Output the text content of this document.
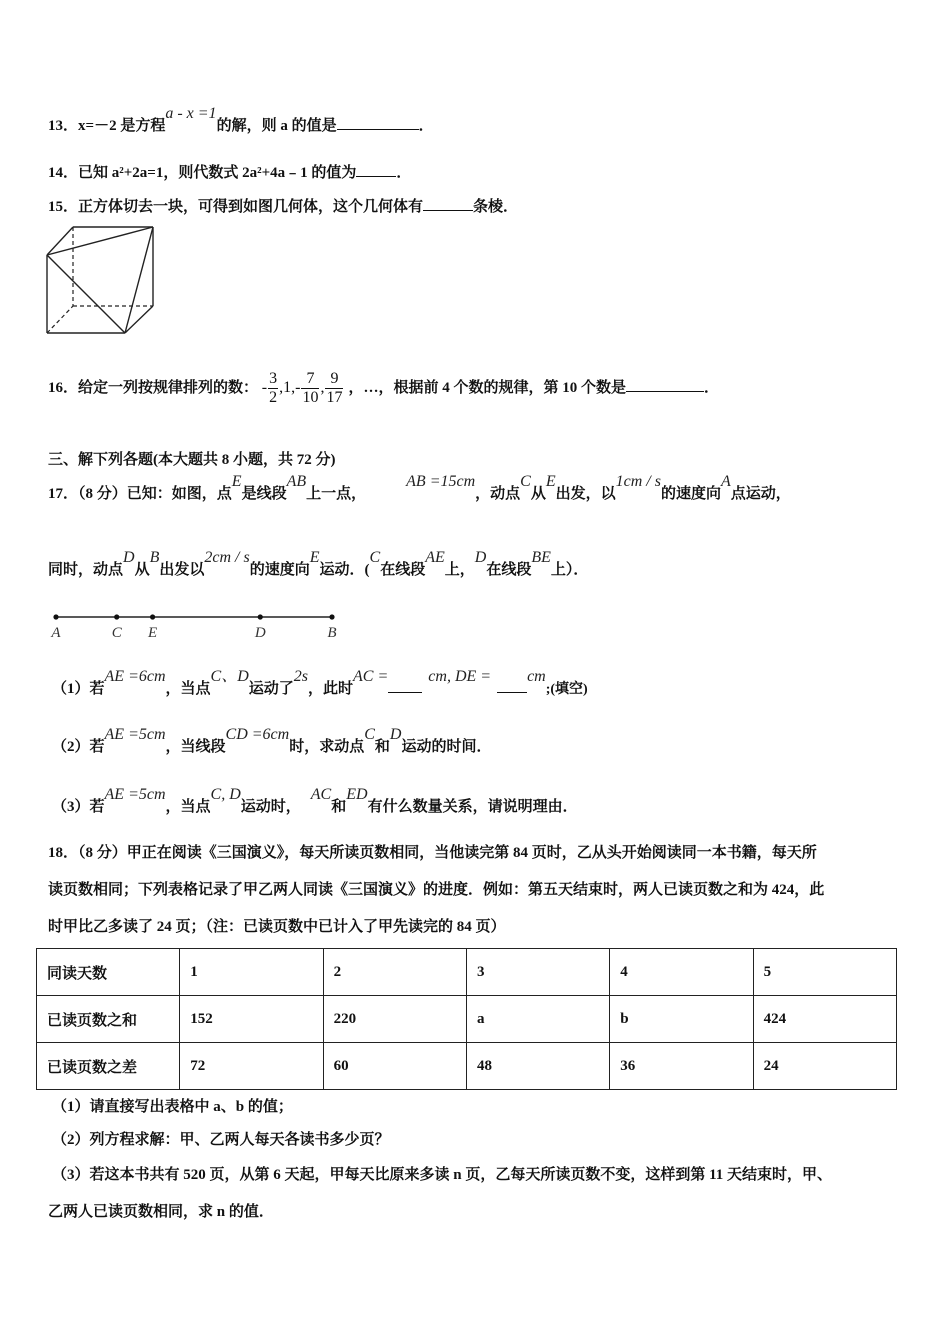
13．x=－2 是方程a - x =1的解，则 a 的值是	．
14．已知 a²+2a=1，则代数式 2a²+4a﹣1 的值为	．
15．正方体切去一块，可得到如图几何体，这个几何体有	条棱．
16．给定一列按规律排列的数： - $\frac{3}{2} ,1,- \frac{7}{10}$ , $\frac{9}{17}$ ，…，根据前 4 个数的规律，第 10 个数是	．
三、解下列各题(本大题共 8 小题，共 72 分)
17．（8 分）已知：如图，点E是线段AB上一点，AB =15cm，动点C从E出发，以1cm / s的速度向A点运动，
同时，动点D从B出发以2cm / s的速度向E运动．(C在线段AE上，D在线段BE上）．
A	C E	D	B
（1）若AE =6cm，当点C、D运动了2s，此时AC =	cm, DE = cm;(填空)
（2）若AE =5cm，当线段CD =6cm时，求动点C和D运动的时间．
（3）若AE =5cm，当点C, D运动时，AC和ED有什么数量关系，请说明理由．
18．（8 分）甲正在阅读《三国演义》，每天所读页数相同，当他读完第 84 页时，乙从头开始阅读同一本书籍，每天所
读页数相同；下列表格记录了甲乙两人同读《三国演义》的进度．例如：第五天结束时，两人已读页数之和为 424，此
时甲比乙多读了 24 页；（注：已读页数中已计入了甲先读完的 84 页）
同读天数	1	2	3	4	5
已读页数之和	152	220	a	b	424
已读页数之差	72	60	48	36	24
（1）请直接写出表格中 a、b 的值；
（2）列方程求解：甲、乙两人每天各读书多少页？
（3）若这本书共有 520 页，从第 6 天起，甲每天比原来多读 n 页，乙每天所读页数不变，这样到第 11 天结束时，甲、
乙两人已读页数相同，求 n 的值．
